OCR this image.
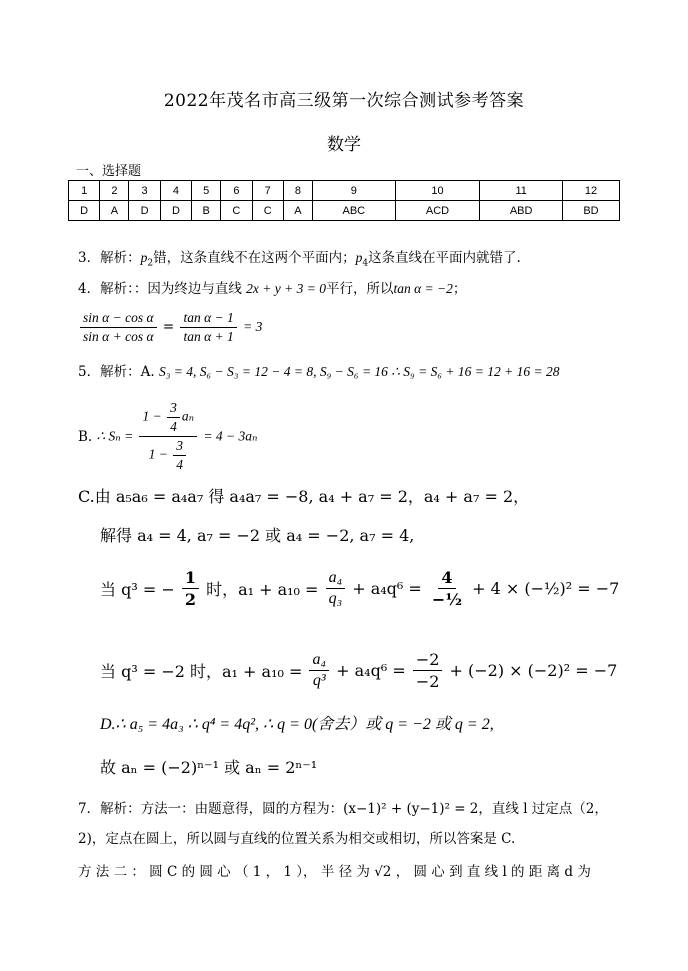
2022年茂名市高三级第一次综合测试参考答案
数学
一、选择题
1	2	3	4	5	6	7	8	9	10	11	12
D	A	D	D	B	C	C	A	ABC	ACD	ABD	BD
3．解析：$p_2$错，这条直线不在这两个平面内；$p_4$这条直线在平面内就错了.
4．解析：：因为终边与直线 2x + y + 3 = 0平行，所以tan α = −2；
$\frac{\text{sin α − cos α}}{\text{sin α + cos α}} = \frac{\text{tan α − 1}}{\text{tan α + 1}} = 3$
5．解析：A. S₃ = 4, S₆ − S₃ = 12 − 4 = 8, S₉ − S₆ = 16 ∴ S₉ = S₆ + 16 = 12 + 16 = 28
B. ∴ $S_n = \frac{1 - \frac{3}{4} a_n}{1 - \frac{3}{4}} = 4 - 3a_n$
C.由 a₅a₆ = a₄a₇ 得 a₄a₇ = −8, a₄ + a₇ = 2，a₄ + a₇ = 2，
解得 a₄ = 4, a₇ = −2 或 a₄ = −2, a₇ = 4,
当 q³ = − $\frac{1}{2}$ 时，$a_1 + a_{10} = \frac{\text{a₄}}{\text{q₃}} + a_4q^6 = \frac{4}{\text{−½}} + 4$ × (−½)² = −7
当 q³ = −2 时，$a_1 + a_{10} = \frac{\text{a₄}}{\text{q³}} + a_4q^6 = \frac{-2}{-2} + (-2) \times (-2)^2 = -7$
D.∴ a₅ = 4a₃ ∴ q⁴ = 4q², ∴ q = 0(舍去）或 q = −2 或 q = 2,
故 aₙ = (−2)ⁿ⁻¹ 或 aₙ = 2ⁿ⁻¹
7．解析：方法一：由题意得，圆的方程为：(x−1)² + (y−1)² = 2，直线 l 过定点（2，
2)，定点在圆上，所以圆与直线的位置关系为相交或相切，所以答案是 C.
方 法 二 ： 圆 C 的 圆 心 （ 1 ， 1 ）， 半 径 为 √2 ， 圆 心 到 直 线 l 的 距 离 d 为
